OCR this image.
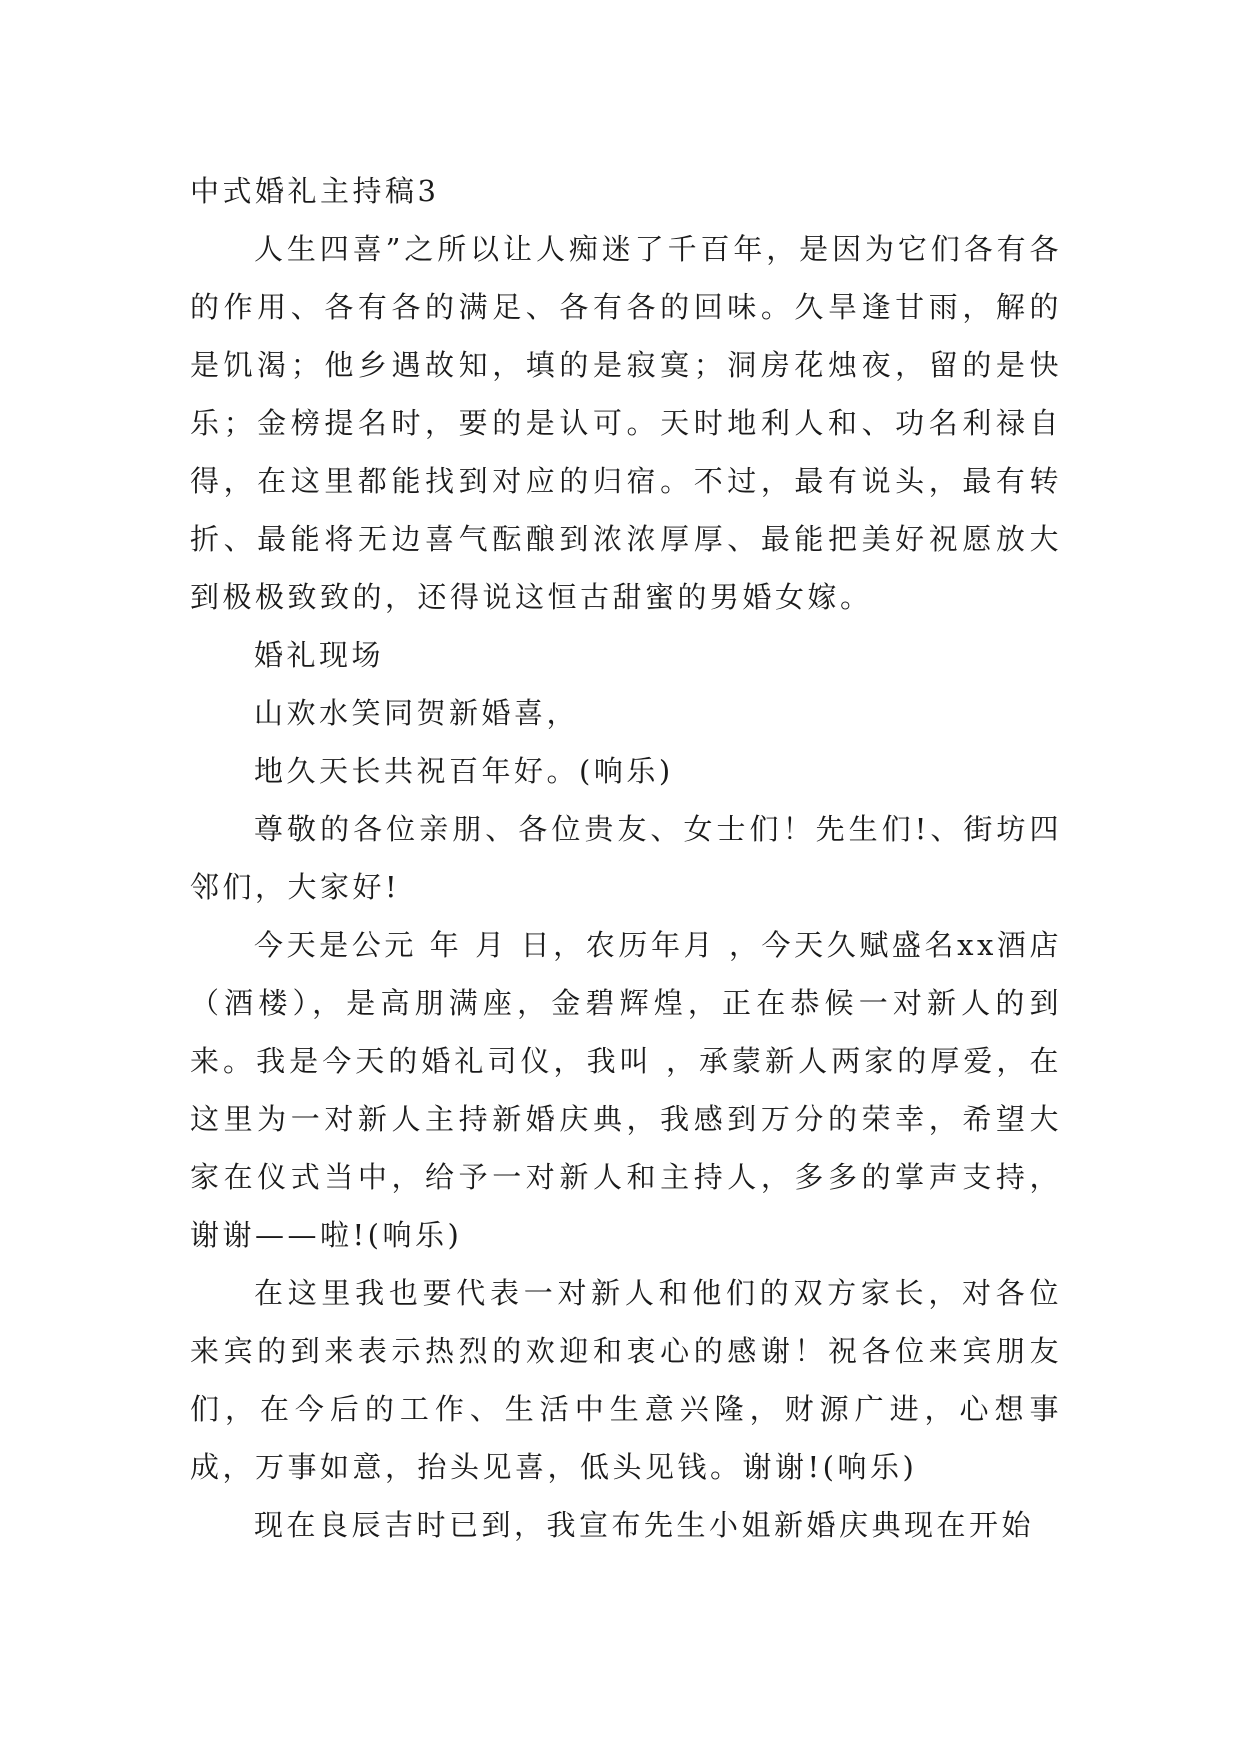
中式婚礼主持稿3

人生四喜”之所以让人痴迷了千百年，是因为它们各有各的作用、各有各的满足、各有各的回味。久旱逢甘雨，解的是饥渴；他乡遇故知，填的是寂寞；洞房花烛夜，留的是快乐；金榜提名时，要的是认可。天时地利人和、功名利禄自得，在这里都能找到对应的归宿。不过，最有说头，最有转折、最能将无边喜气酝酿到浓浓厚厚、最能把美好祝愿放大到极极致致的，还得说这恒古甜蜜的男婚女嫁。

婚礼现场

山欢水笑同贺新婚喜，

地久天长共祝百年好。(响乐)

尊敬的各位亲朋、各位贵友、女士们！先生们!、街坊四邻们，大家好!

今天是公元 年 月 日，农历年月 ，今天久赋盛名xx酒店（酒楼），是高朋满座，金碧辉煌，正在恭候一对新人的到来。我是今天的婚礼司仪，我叫 ，承蒙新人两家的厚爱，在这里为一对新人主持新婚庆典，我感到万分的荣幸，希望大家在仪式当中，给予一对新人和主持人，多多的掌声支持，谢谢——啦!(响乐)

在这里我也要代表一对新人和他们的双方家长，对各位来宾的到来表示热烈的欢迎和衷心的感谢！祝各位来宾朋友们，在今后的工作、生活中生意兴隆，财源广进，心想事成，万事如意，抬头见喜，低头见钱。谢谢!(响乐)

现在良辰吉时已到，我宣布先生小姐新婚庆典现在开始
